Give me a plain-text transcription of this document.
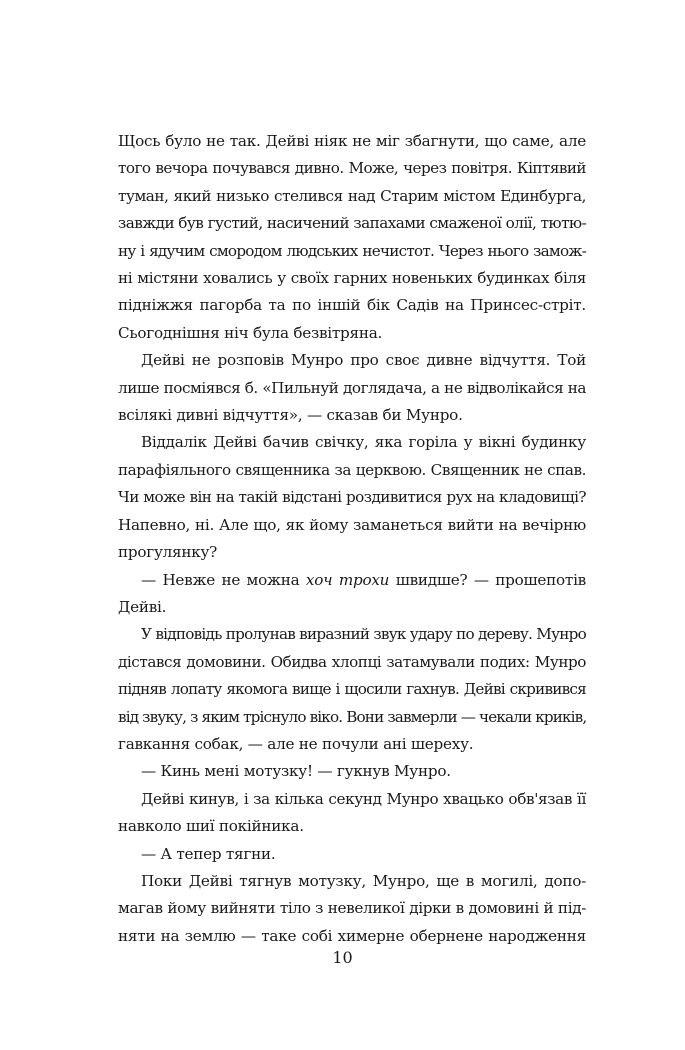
Щось було не так. Дейві ніяк не міг збагнути, що саме, але
того вечора почувався дивно. Може, через повітря. Кіптявий
туман, який низько стелився над Старим містом Единбурга,
завжди був густий, насичений запахами смаженої олії, тютю-
ну і ядучим смородом людських нечистот. Через нього замож-
ні містяни ховались у своїх гарних новеньких будинках біля
підніжжя пагорба та по іншій бік Садів на Принсес-стріт.
Сьогоднішня ніч була безвітряна.
Дейві не розповів Мунро про своє дивне відчуття. Той
лише посміявся б. «Пильнуй доглядача, а не відволікайся на
всілякі дивні відчуття», — сказав би Мунро.
Віддалік Дейві бачив свічку, яка горіла у вікні будинку
парафіяльного священника за церквою. Священник не спав.
Чи може він на такій відстані роздивитися рух на кладовищі?
Напевно, ні. Але що, як йому заманеться вийти на вечірню
прогулянку?
— Невже не можна хоч трохи швидше? — прошепотів
Дейві.
У відповідь пролунав виразний звук удару по дереву. Мунро
дістався домовини. Обидва хлопці затамували подих: Мунро
підняв лопату якомога вище і щосили гахнув. Дейві скривився
від звуку, з яким тріснуло віко. Вони завмерли — чекали криків,
гавкання собак, — але не почули ані шереху.
— Кинь мені мотузку! — гукнув Мунро.
Дейві кинув, і за кілька секунд Мунро хвацько обв'язав її
навколо шиї покійника.
— А тепер тягни.
Поки Дейві тягнув мотузку, Мунро, ще в могилі, допо-
магав йому вийняти тіло з невеликої дірки в домовині й під-
няти на землю — таке собі химерне обернене народження
10
